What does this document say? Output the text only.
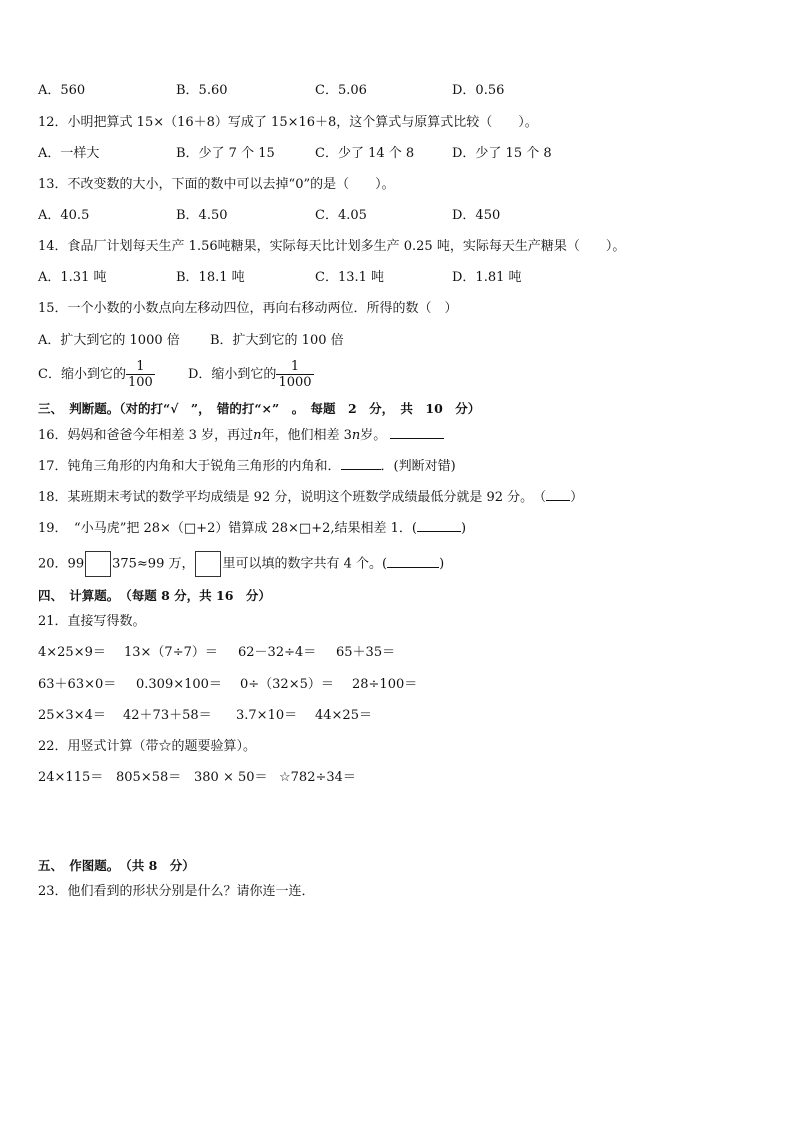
A．560	B．5.60	C．5.06	D．0.56
12．小明把算式 15×（16＋8）写成了 15×16＋8，这个算式与原算式比较（　　）。
A．一样大	B．少了 7 个 15	C．少了 14 个 8	D．少了 15 个 8
13．不改变数的大小，下面的数中可以去掉“0”的是（　　）。
A．40.5	B．4.50	C．4.05	D．450
14．食品厂计划每天生产 1.56吨糖果，实际每天比计划多生产 0.25 吨，实际每天生产糖果（　　）。
A．1.31 吨	B．18.1 吨	C．13.1 吨	D．1.81 吨
15．一个小数的小数点向左移动四位，再向右移动两位．所得的数（　）
A．扩大到它的 1000 倍 B．扩大到它的 100 倍
C．缩小到它的 $\frac{1}{100}$	D．缩小到它的 $\frac{1}{1000}$
三、　判断题。（对的打“√　”，　错的打“×”　。　每题　2　分，　共　10　分）
16．妈妈和爸爸今年相差 3 岁，再过n年，他们相差 3n岁。
17．钝角三角形的内角和大于锐角三角形的内角和．	．(判断对错)
18．某班期末考试的数学平均成绩是 92 分，说明这个班数学成绩最低分就是 92 分。　（ ）
19．　“小马虎”把 28×（□+2）错算成 28×□+2,结果相差 1．(	)
20．99 375≈99 万， 里可以填的数字共有 4 个。(	)
四、　计算题。　（每题 8 分，共 16　分）
21．直接写得数。
4×25×9＝ 13×（7÷7）＝ 62－32÷4＝ 65＋35＝
63＋63×0＝ 0.309×100＝ 0÷（32×5）＝ 28÷100＝
25×3×4＝ 42＋73＋58＝ 3.7×10＝ 44×25＝
22．用竖式计算（带☆的题要验算）。
24×115＝ 805×58＝ 380 × 50＝ ☆782÷34＝
五、　作图题。　（共 8　分）
23．他们看到的形状分别是什么？请你连一连．
